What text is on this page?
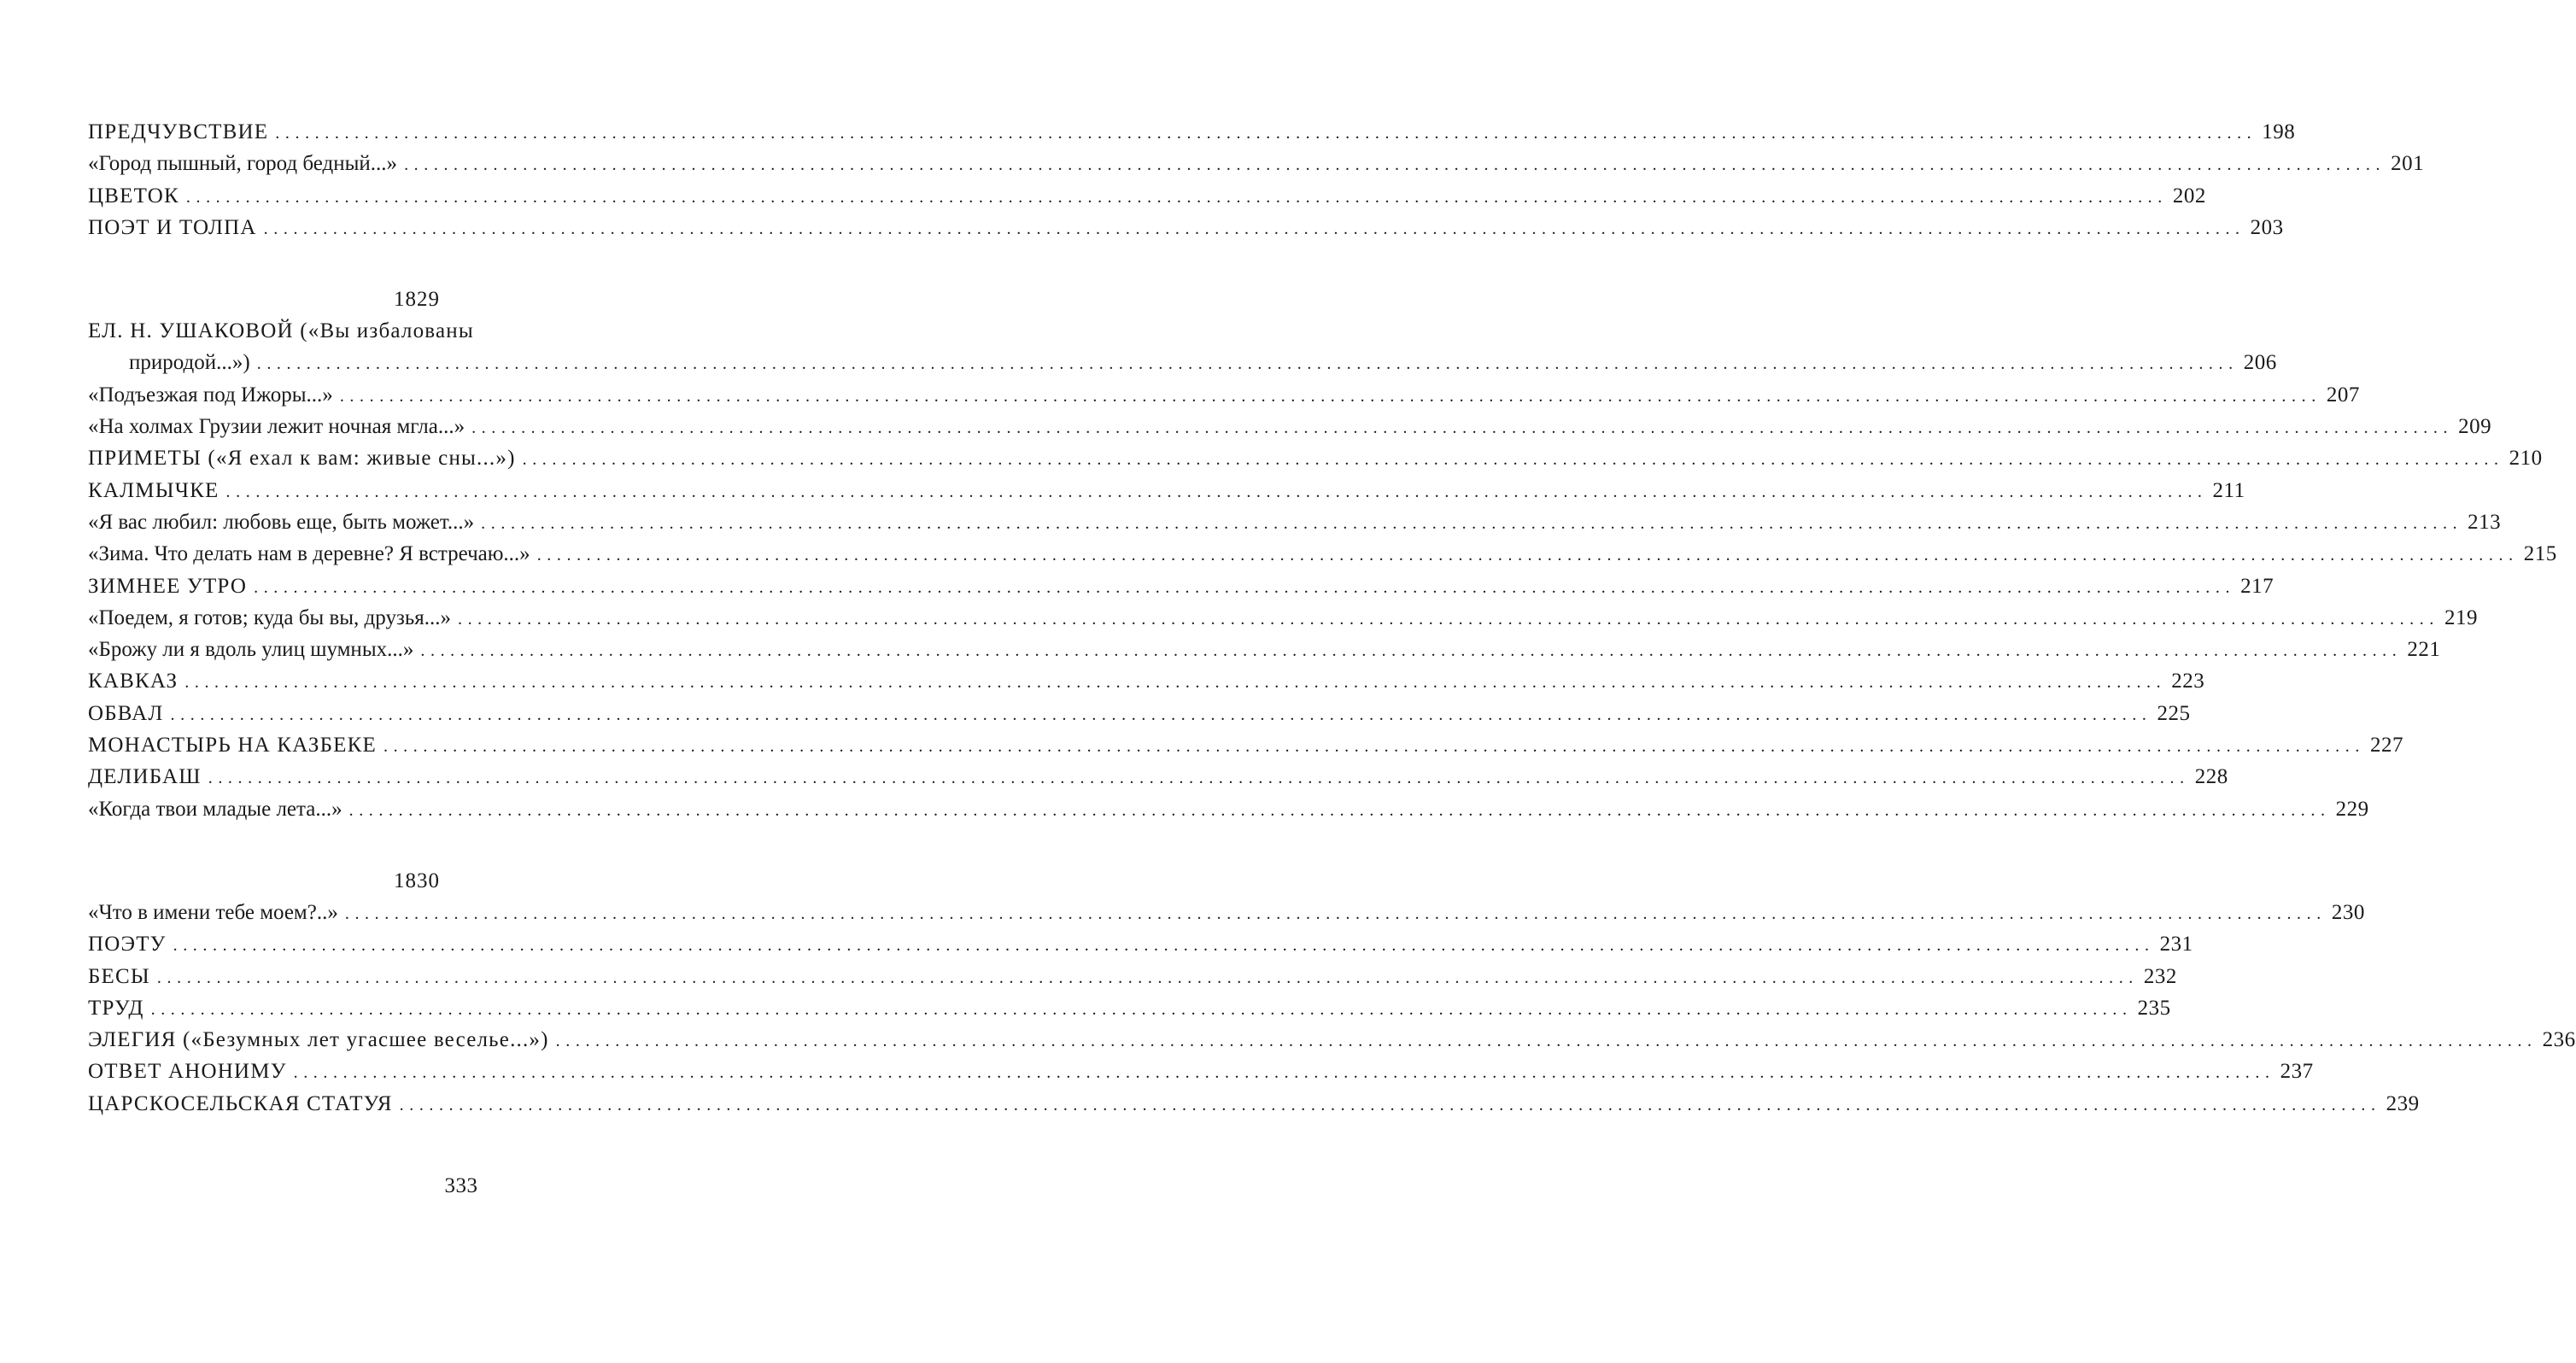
ПРЕДЧУВСТВИЕ ........................................................................................................................................................................................................ 198
«Город пышный, город бедный...» ........................................................................................................................................................................................................ 201
ЦВЕТОК ........................................................................................................................................................................................................ 202
ПОЭТ И ТОЛПА ........................................................................................................................................................................................................ 203
1829
ЕЛ. Н. УШАКОВОЙ («Вы избалованы
природой...») ........................................................................................................................................................................................................ 206
«Подъезжая под Ижоры...» ........................................................................................................................................................................................................ 207
«На холмах Грузии лежит ночная мгла...» ........................................................................................................................................................................................................ 209
ПРИМЕТЫ («Я ехал к вам: живые сны...») ........................................................................................................................................................................................................ 210
КАЛМЫЧКЕ ........................................................................................................................................................................................................ 211
«Я вас любил: любовь еще, быть может...» ........................................................................................................................................................................................................ 213
«Зима. Что делать нам в деревне? Я встречаю...» ........................................................................................................................................................................................................ 215
ЗИМНЕЕ УТРО ........................................................................................................................................................................................................ 217
«Поедем, я готов; куда бы вы, друзья...» ........................................................................................................................................................................................................ 219
«Брожу ли я вдоль улиц шумных...» ........................................................................................................................................................................................................ 221
КАВКАЗ ........................................................................................................................................................................................................ 223
ОБВАЛ ........................................................................................................................................................................................................ 225
МОНАСТЫРЬ НА КАЗБЕКЕ ........................................................................................................................................................................................................ 227
ДЕЛИБАШ ........................................................................................................................................................................................................ 228
«Когда твои младые лета...» ........................................................................................................................................................................................................ 229
1830
«Что в имени тебе моем?..» ........................................................................................................................................................................................................ 230
ПОЭТУ ........................................................................................................................................................................................................ 231
БЕСЫ ........................................................................................................................................................................................................ 232
ТРУД ........................................................................................................................................................................................................ 235
ЭЛЕГИЯ («Безумных лет угасшее веселье...») ........................................................................................................................................................................................................ 236
ОТВЕТ АНОНИМУ ........................................................................................................................................................................................................ 237
ЦАРСКОСЕЛЬСКАЯ СТАТУЯ ........................................................................................................................................................................................................ 239
333
